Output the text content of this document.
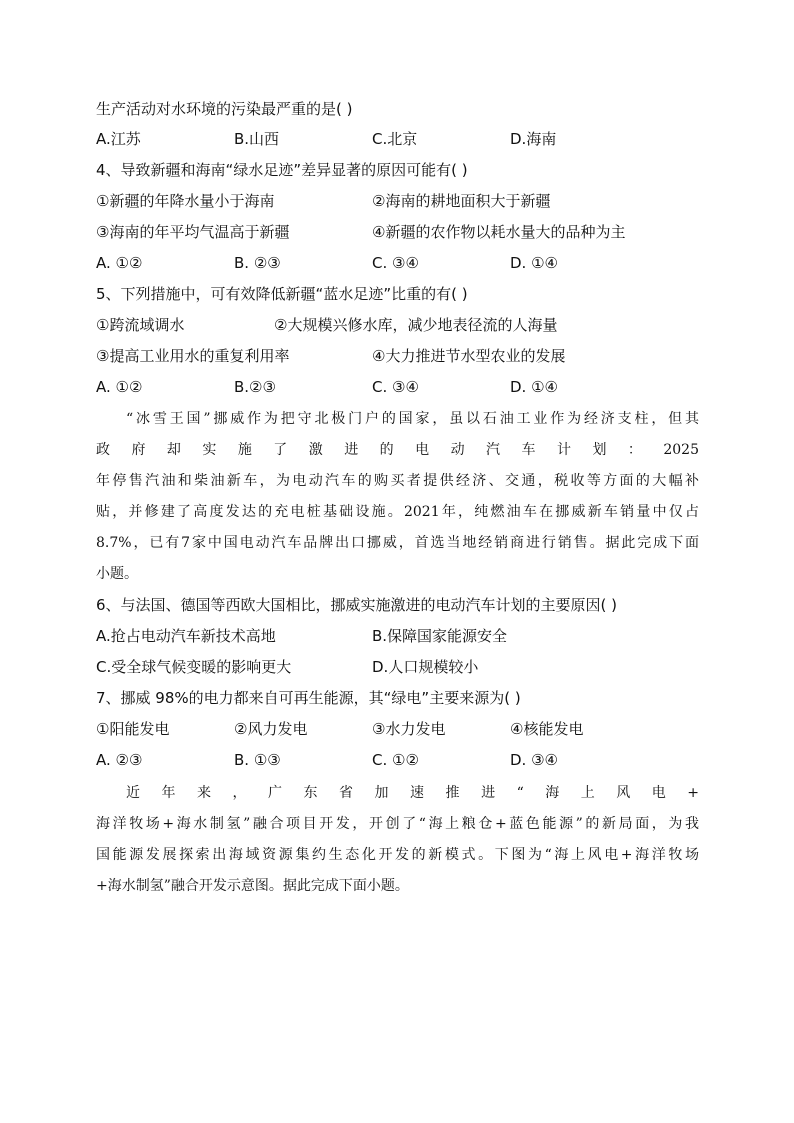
生产活动对水环境的污染最严重的是( )
A.江苏	B.山西	C.北京	D.海南
4、导致新疆和海南“绿水足迹”差异显著的原因可能有( )
①新疆的年降水量小于海南	②海南的耕地面积大于新疆
③海南的年平均气温高于新疆	④新疆的农作物以耗水量大的品种为主
A. ①②	B. ②③	C. ③④	D. ①④
5、下列措施中，可有效降低新疆“蓝水足迹”比重的有( )
①跨流域调水	②大规模兴修水库，减少地表径流的人海量
③提高工业用水的重复利用率	④大力推进节水型农业的发展
A. ①②	B.②③	C. ③④	D. ①④
“冰雪王国”挪威作为把守北极门户的国家，虽以石油工业作为经济支柱，但其
政府却实施了激进的电动汽车计划：2025
年停售汽油和柴油新车，为电动汽车的购买者提供经济、交通，税收等方面的大幅补
贴，并修建了高度发达的充电桩基础设施。2021年，纯燃油车在挪威新车销量中仅占
8.7%，已有7家中国电动汽车品牌出口挪威，首选当地经销商进行销售。据此完成下面
小题。
6、与法国、德国等西欧大国相比，挪威实施激进的电动汽车计划的主要原因( )
A.抢占电动汽车新技术高地	B.保障国家能源安全
C.受全球气候变暖的影响更大	D.人口规模较小
7、挪威 98%的电力都来自可再生能源，其“绿电”主要来源为( )
①阳能发电	②风力发电	③水力发电	④核能发电
A. ②③	B. ①③	C. ①②	D. ③④
近年来，广东省加速推进“海上风电+
海洋牧场+海水制氢”融合项目开发，开创了“海上粮仓+蓝色能源”的新局面，为我
国能源发展探索出海域资源集约生态化开发的新模式。下图为“海上风电+海洋牧场
+海水制氢”融合开发示意图。据此完成下面小题。
